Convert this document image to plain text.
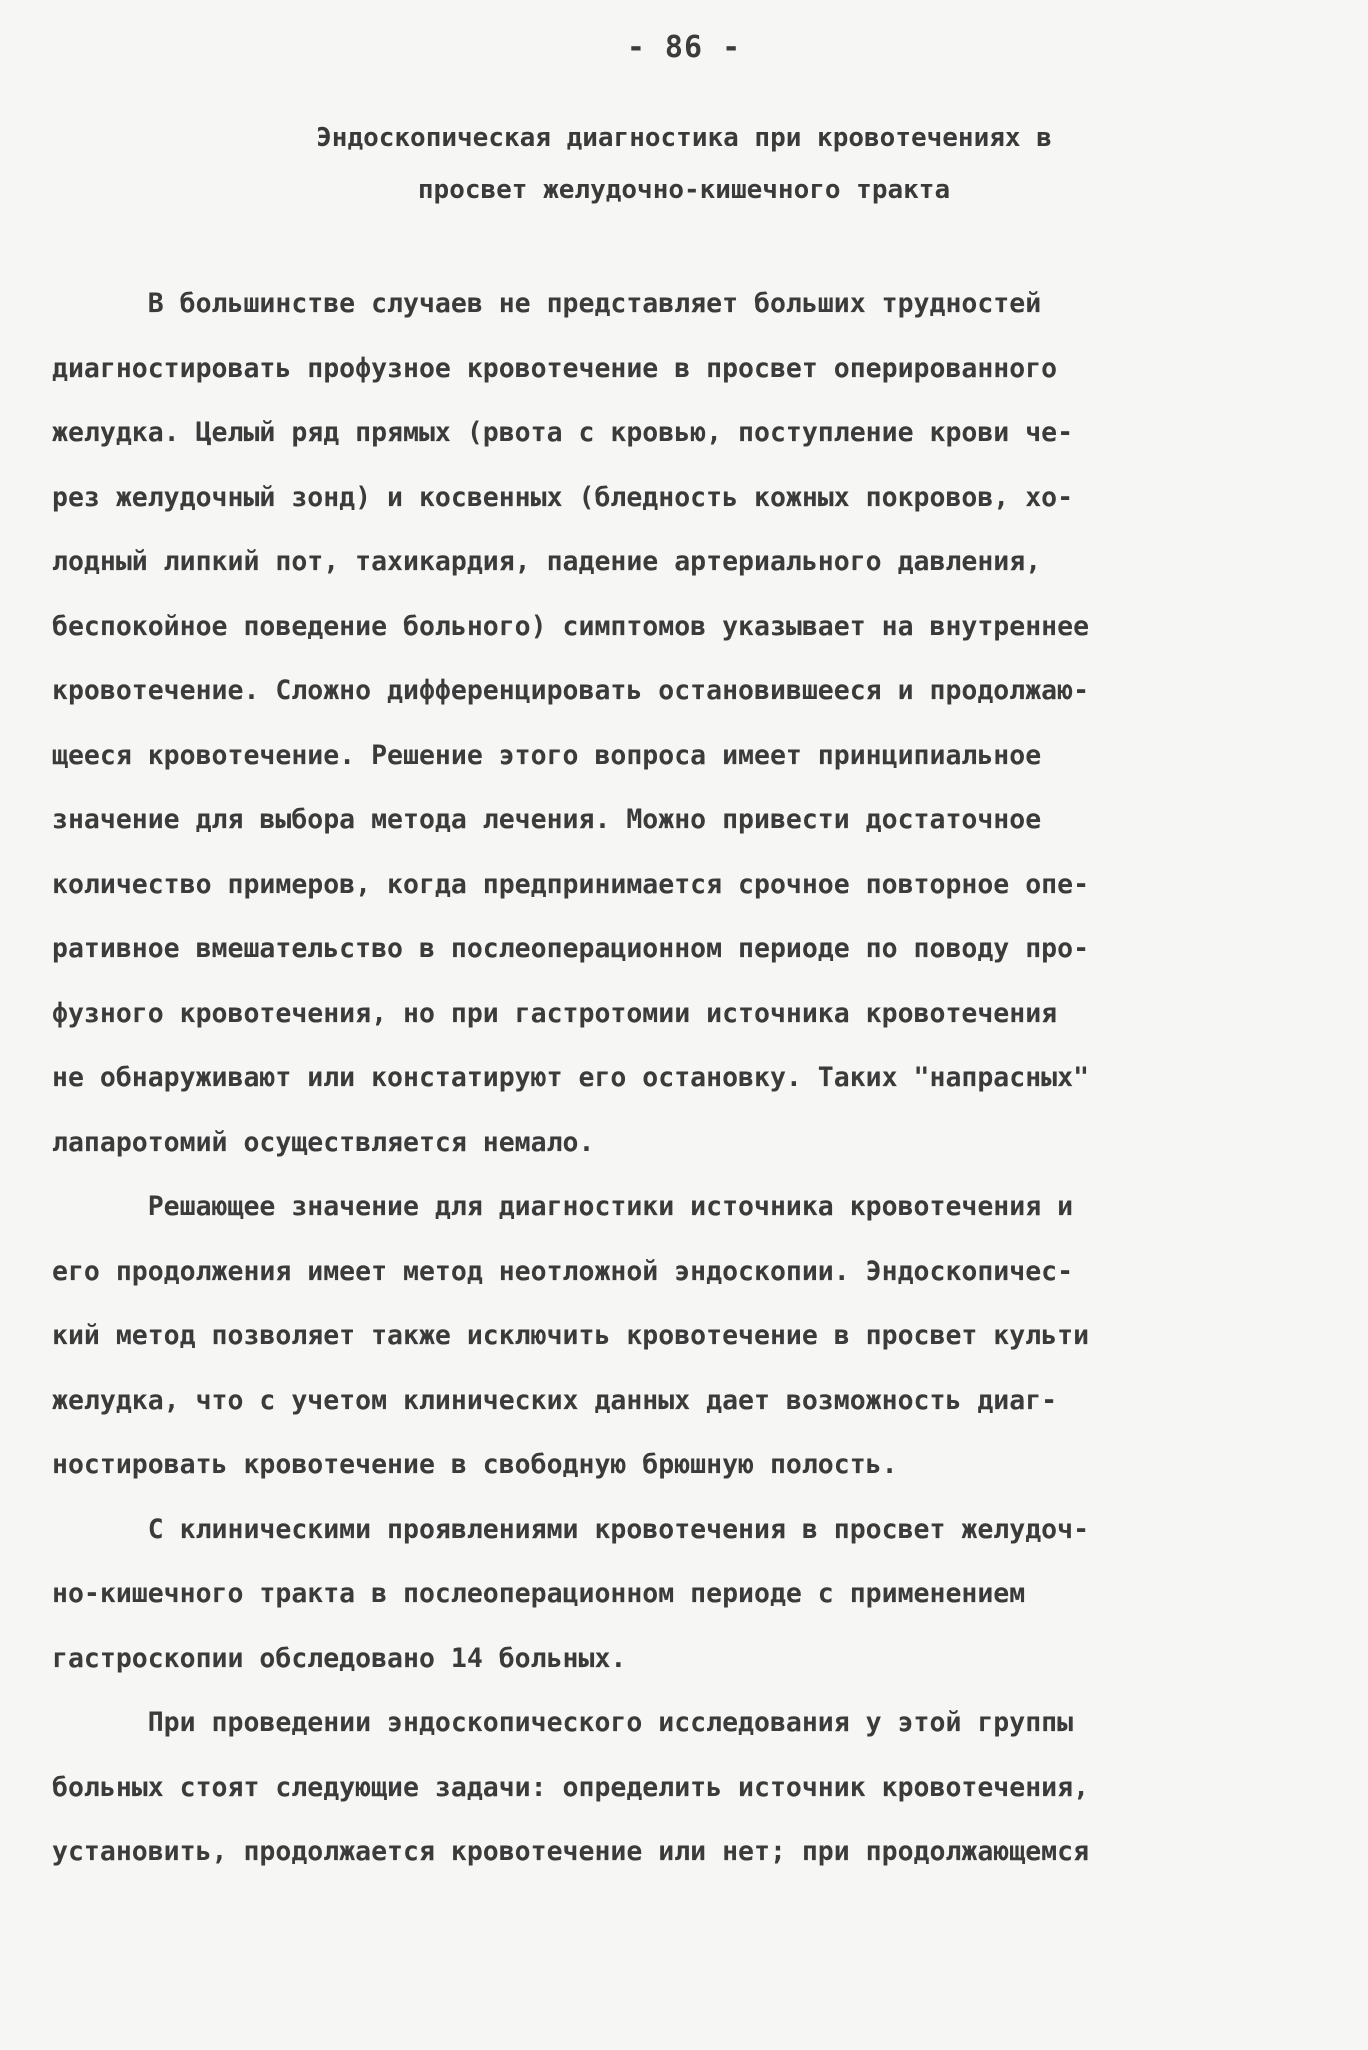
- 86 -
Эндоскопическая диагностика при кровотечениях в
просвет желудочно-кишечного тракта
В большинстве случаев не представляет больших трудностей
диагностировать профузное кровотечение в просвет оперированного
желудка. Целый ряд прямых (рвота с кровью, поступление крови че-
рез желудочный зонд) и косвенных (бледность кожных покровов, хо-
лодный липкий пот, тахикардия, падение артериального давления,
беспокойное поведение больного) симптомов указывает на внутреннее
кровотечение. Сложно дифференцировать остановившееся и продолжаю-
щееся кровотечение. Решение этого вопроса имеет принципиальное
значение для выбора метода лечения. Можно привести достаточное
количество примеров, когда предпринимается срочное повторное опе-
ративное вмешательство в послеоперационном периоде по поводу про-
фузного кровотечения, но при гастротомии источника кровотечения
не обнаруживают или констатируют его остановку. Таких "напрасных"
лапаротомий осуществляется немало.
Решающее значение для диагностики источника кровотечения и
его продолжения имеет метод неотложной эндоскопии. Эндоскопичес-
кий метод позволяет также исключить кровотечение в просвет культи
желудка, что с учетом клинических данных дает возможность диаг-
ностировать кровотечение в свободную брюшную полость.
С клиническими проявлениями кровотечения в просвет желудоч-
но-кишечного тракта в послеоперационном периоде с применением
гастроскопии обследовано 14 больных.
При проведении эндоскопического исследования у этой группы
больных стоят следующие задачи: определить источник кровотечения,
установить, продолжается кровотечение или нет; при продолжающемся
